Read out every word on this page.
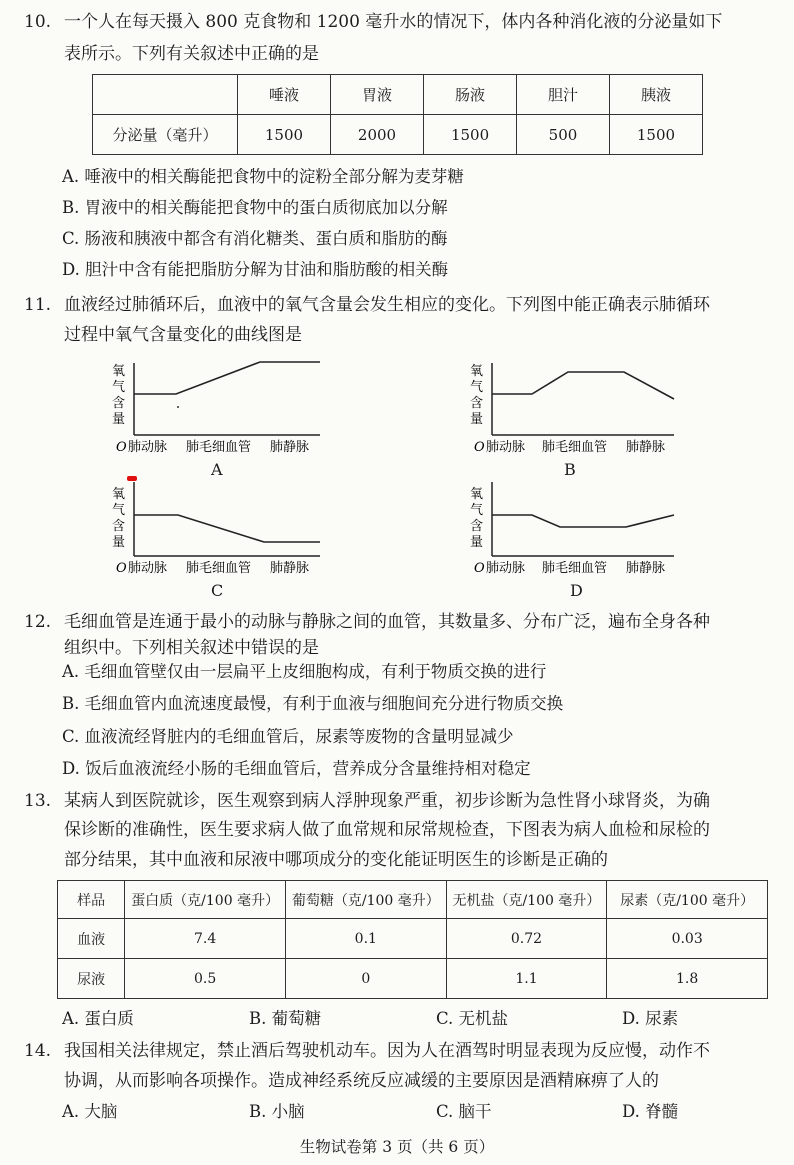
10. 一个人在每天摄入 800 克食物和 1200 毫升水的情况下，体内各种消化液的分泌量如下
表所示。下列有关叙述中正确的是
	唾液	胃液	肠液	胆汁	胰液
分泌量（毫升）	1500	2000	1500	500	1500
A. 唾液中的相关酶能把食物中的淀粉全部分解为麦芽糖
B. 胃液中的相关酶能把食物中的蛋白质彻底加以分解
C. 肠液和胰液中都含有消化糖类、蛋白质和脂肪的酶
D. 胆汁中含有能把脂肪分解为甘油和脂肪酸的相关酶
11. 血液经过肺循环后，血液中的氧气含量会发生相应的变化。下列图中能正确表示肺循环
过程中氧气含量变化的曲线图是
氧
气
含
量
O 肺动脉 肺毛细血管 肺静脉
A
氧
气
含
量
O 肺动脉 肺毛细血管 肺静脉
B
氧
气
含
量
O 肺动脉 肺毛细血管 肺静脉
C
氧
气
含
量
O 肺动脉 肺毛细血管 肺静脉
D
12. 毛细血管是连通于最小的动脉与静脉之间的血管，其数量多、分布广泛，遍布全身各种
组织中。下列相关叙述中错误的是
A. 毛细血管壁仅由一层扁平上皮细胞构成，有利于物质交换的进行
B. 毛细血管内血流速度最慢，有利于血液与细胞间充分进行物质交换
C. 血液流经肾脏内的毛细血管后，尿素等废物的含量明显减少
D. 饭后血液流经小肠的毛细血管后，营养成分含量维持相对稳定
13. 某病人到医院就诊，医生观察到病人浮肿现象严重，初步诊断为急性肾小球肾炎，为确
保诊断的准确性，医生要求病人做了血常规和尿常规检查，下图表为病人血检和尿检的
部分结果，其中血液和尿液中哪项成分的变化能证明医生的诊断是正确的
样品	蛋白质（克/100 毫升）	葡萄糖（克/100 毫升）	无机盐（克/100 毫升）	尿素（克/100 毫升）
血液	7.4	0.1	0.72	0.03
尿液	0.5	0	1.1	1.8
A. 蛋白质	B. 葡萄糖	C. 无机盐	D. 尿素
14. 我国相关法律规定，禁止酒后驾驶机动车。因为人在酒驾时明显表现为反应慢，动作不
协调，从而影响各项操作。造成神经系统反应减缓的主要原因是酒精麻痹了人的
A. 大脑	B. 小脑	C. 脑干	D. 脊髓
生物试卷第 3 页（共 6 页）
